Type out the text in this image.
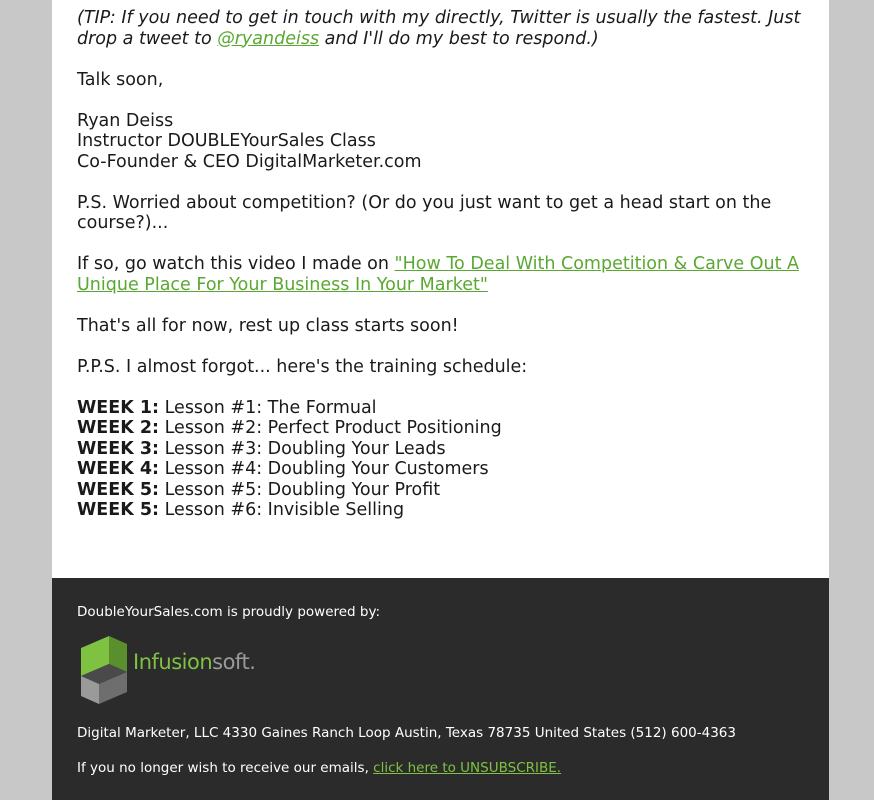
(TIP: If you need to get in touch with my directly, Twitter is usually the fastest. Just drop a tweet to @ryandeiss and I'll do my best to respond.)

Talk soon,

Ryan Deiss
Instructor DOUBLEYourSales Class
Co-Founder & CEO DigitalMarketer.com

P.S. Worried about competition? (Or do you just want to get a head start on the course?)...

If so, go watch this video I made on "How To Deal With Competition & Carve Out A Unique Place For Your Business In Your Market"

That's all for now, rest up class starts soon!

P.P.S. I almost forgot... here's the training schedule:

WEEK 1: Lesson #1: The Formual
WEEK 2: Lesson #2: Perfect Product Positioning
WEEK 3: Lesson #3: Doubling Your Leads
WEEK 4: Lesson #4: Doubling Your Customers
WEEK 5: Lesson #5: Doubling Your Profit
WEEK 5: Lesson #6: Invisible Selling
DoubleYourSales.com is proudly powered by:
Infusionsoft.
Digital Marketer, LLC 4330 Gaines Ranch Loop Austin, Texas 78735 United States (512) 600-4363
If you no longer wish to receive our emails, click here to UNSUBSCRIBE.
